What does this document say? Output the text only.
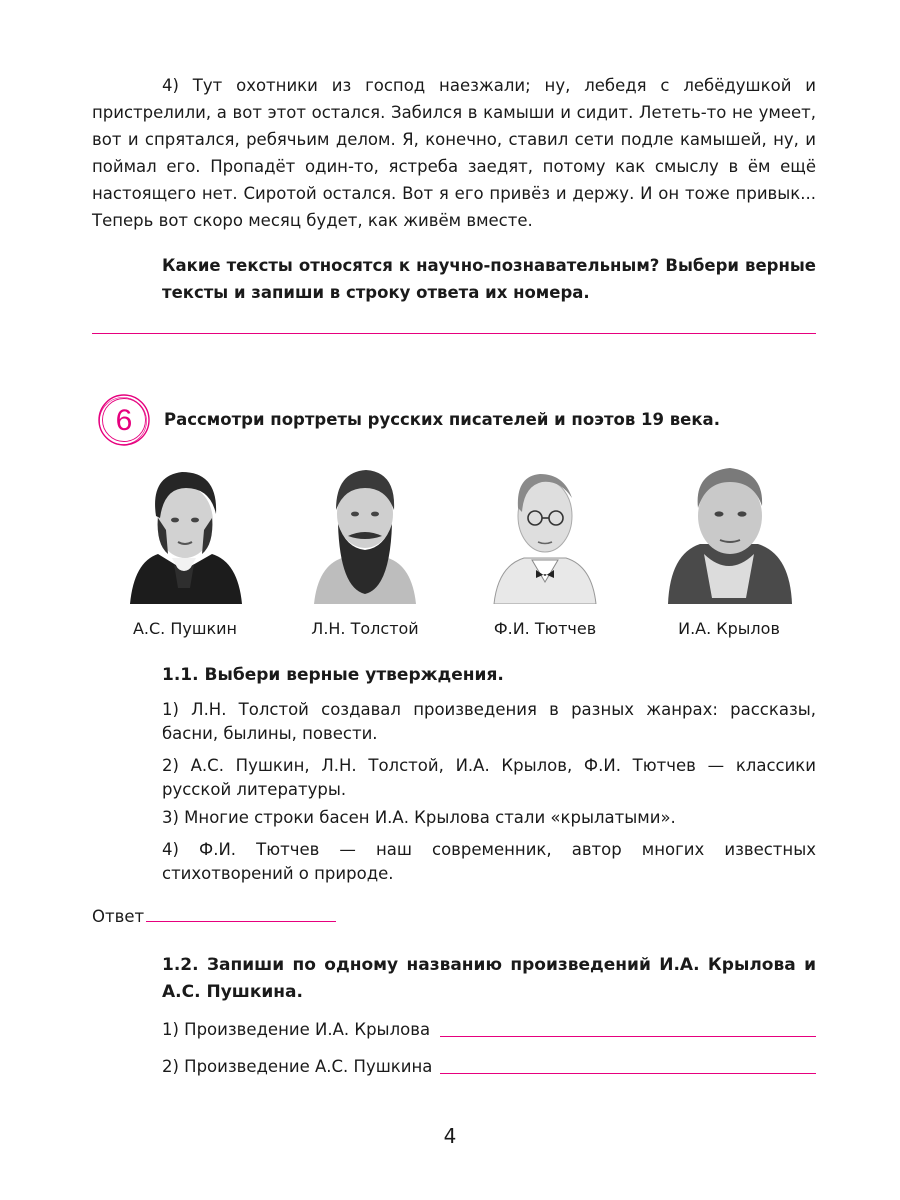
4) Тут охотники из господ наезжали; ну, лебедя с лебёдушкой и пристрелили, а вот этот остался. Забился в камыши и сидит. Лететь-то не умеет, вот и спрятался, ребячьим делом. Я, конечно, ставил сети подле камышей, ну, и поймал его. Пропадёт один-то, ястреба заедят, потому как смыслу в ём ещё настоящего нет. Сиротой остался. Вот я его привёз и держу. И он тоже привык... Теперь вот скоро месяц будет, как живём вместе.
Какие тексты относятся к научно-познавательным? Выбери верные тексты и запиши в строку ответа их номера.
6 Рассмотри портреты русских писателей и поэтов 19 века.
А.С. Пушкин	Л.Н. Толстой	Ф.И. Тютчев	И.А. Крылов
1.1. Выбери верные утверждения.
1) Л.Н. Толстой создавал произведения в разных жанрах: рассказы, басни, былины, повести.
2) А.С. Пушкин, Л.Н. Толстой, И.А. Крылов, Ф.И. Тютчев — классики русской литературы.
3) Многие строки басен И.А. Крылова стали «крылатыми».
4) Ф.И. Тютчев — наш современник, автор многих известных стихотворений о природе.
Ответ
1.2. Запиши по одному названию произведений И.А. Крылова и А.С. Пушкина.
1) Произведение И.А. Крылова
2) Произведение А.С. Пушкина
4
